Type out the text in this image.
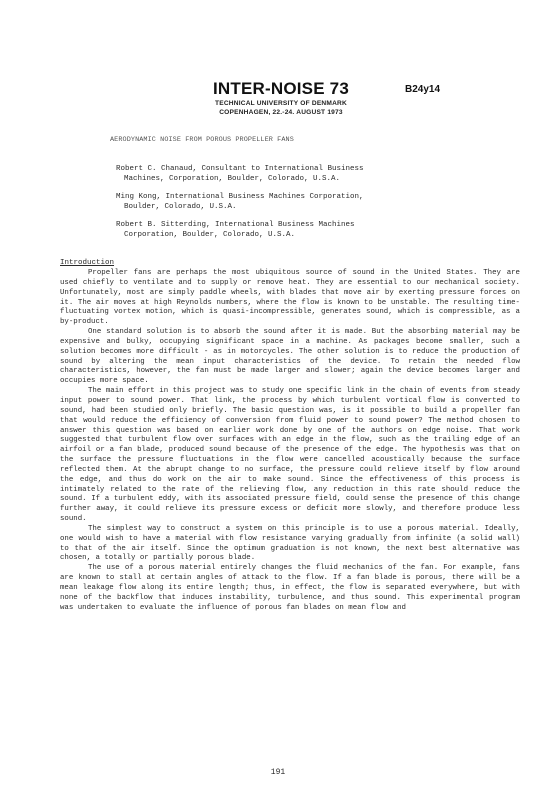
INTER-NOISE 73	B24y14
TECHNICAL UNIVERSITY OF DENMARK
COPENHAGEN, 22.-24. AUGUST 1973
AERODYNAMIC NOISE FROM POROUS PROPELLER FANS

Robert C. Chanaud, Consultant to International Business

Machines, Corporation, Boulder, Colorado, U.S.A.

Ming Kong, International Business Machines Corporation,

Boulder, Colorado, U.S.A.

Robert B. Sitterding, International Business Machines

Corporation, Boulder, Colorado, U.S.A.

Introduction

Propeller fans are perhaps the most ubiquitous source of sound in the United States. They are used chiefly to ventilate and to supply or remove heat. They are essential to our mechanical society. Unfortunately, most are simply paddle wheels, with blades that move air by exerting pressure forces on it. The air moves at high Reynolds numbers, where the flow is known to be unstable. The resulting time-fluctuating vortex motion, which is quasi-incompressible, generates sound, which is compressible, as a by-product.

One standard solution is to absorb the sound after it is made. But the absorbing material may be expensive and bulky, occupying significant space in a machine. As packages become smaller, such a solution becomes more difficult - as in motorcycles. The other solution is to reduce the production of sound by altering the mean input characteristics of the device. To retain the needed flow characteristics, however, the fan must be made larger and slower; again the device becomes larger and occupies more space.

The main effort in this project was to study one specific link in the chain of events from steady input power to sound power. That link, the process by which turbulent vortical flow is converted to sound, had been studied only briefly. The basic question was, is it possible to build a propeller fan that would reduce the efficiency of conversion from fluid power to sound power? The method chosen to answer this question was based on earlier work done by one of the authors on edge noise. That work suggested that turbulent flow over surfaces with an edge in the flow, such as the trailing edge of an airfoil or a fan blade, produced sound because of the presence of the edge. The hypothesis was that on the surface the pressure fluctuations in the flow were cancelled acoustically because the surface reflected them. At the abrupt change to no surface, the pressure could relieve itself by flow around the edge, and thus do work on the air to make sound. Since the effectiveness of this process is intimately related to the rate of the relieving flow, any reduction in this rate should reduce the sound. If a turbulent eddy, with its associated pressure field, could sense the presence of this change further away, it could relieve its pressure excess or deficit more slowly, and therefore produce less sound.

The simplest way to construct a system on this principle is to use a porous material. Ideally, one would wish to have a material with flow resistance varying gradually from infinite (a solid wall) to that of the air itself. Since the optimum graduation is not known, the next best alternative was chosen, a totally or partially porous blade.

The use of a porous material entirely changes the fluid mechanics of the fan. For example, fans are known to stall at certain angles of attack to the flow. If a fan blade is porous, there will be a mean leakage flow along its entire length; thus, in effect, the flow is separated everywhere, but with none of the backflow that induces instability, turbulence, and thus sound. This experimental program was undertaken to evaluate the influence of porous fan blades on mean flow and

191
